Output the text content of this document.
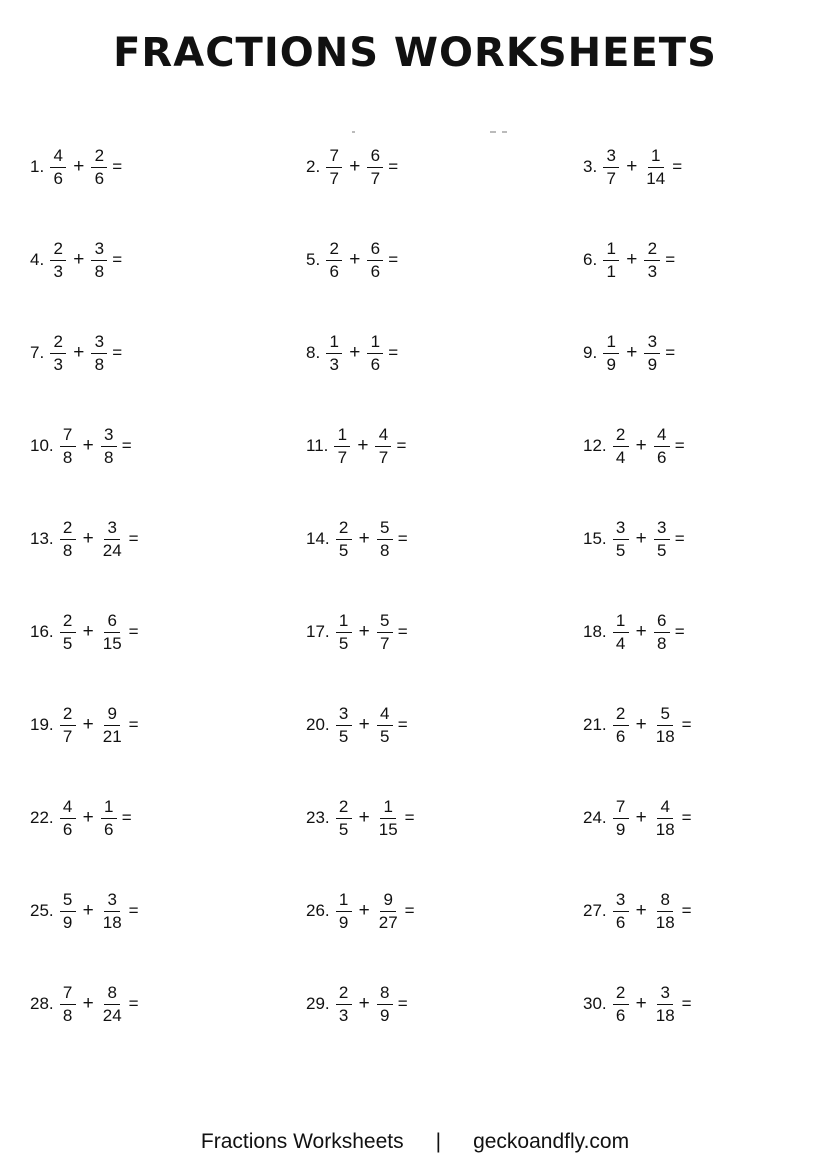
FRACTIONS WORKSHEETS
1. $\frac{4}{6} + \frac{2}{6}$ =	2. $\frac{7}{7} + \frac{6}{7}$ =	3. $\frac{3}{7} + \frac{1}{14}$ =
4. $\frac{2}{3} + \frac{3}{8}$ =	5. $\frac{2}{6} + \frac{6}{6}$ =	6. $\frac{1}{1} + \frac{2}{3}$ =
7. $\frac{2}{3} + \frac{3}{8}$ =	8. $\frac{1}{3} + \frac{1}{6}$ =	9. $\frac{1}{9} + \frac{3}{9}$ =
10. $\frac{7}{8} + \frac{3}{8}$ =	11. $\frac{1}{7} + \frac{4}{7}$ =	12. $\frac{2}{4} + \frac{4}{6}$ =
13. $\frac{2}{8} + \frac{3}{24}$ =	14. $\frac{2}{5} + \frac{5}{8}$ =	15. $\frac{3}{5} + \frac{3}{5}$ =
16. $\frac{2}{5} + \frac{6}{15}$ =	17. $\frac{1}{5} + \frac{5}{7}$ =	18. $\frac{1}{4} + \frac{6}{8}$ =
19. $\frac{2}{7} + \frac{9}{21}$ =	20. $\frac{3}{5} + \frac{4}{5}$ =	21. $\frac{2}{6} + \frac{5}{18}$ =
22. $\frac{4}{6} + \frac{1}{6}$ =	23. $\frac{2}{5} + \frac{1}{15}$ =	24. $\frac{7}{9} + \frac{4}{18}$ =
25. $\frac{5}{9} + \frac{3}{18}$ =	26. $\frac{1}{9} + \frac{9}{27}$ =	27. $\frac{3}{6} + \frac{8}{18}$ =
28. $\frac{7}{8} + \frac{8}{24}$ =	29. $\frac{2}{3} + \frac{8}{9}$ =	30. $\frac{2}{6} + \frac{3}{18}$ =
Fractions Worksheets | geckoandfly.com
